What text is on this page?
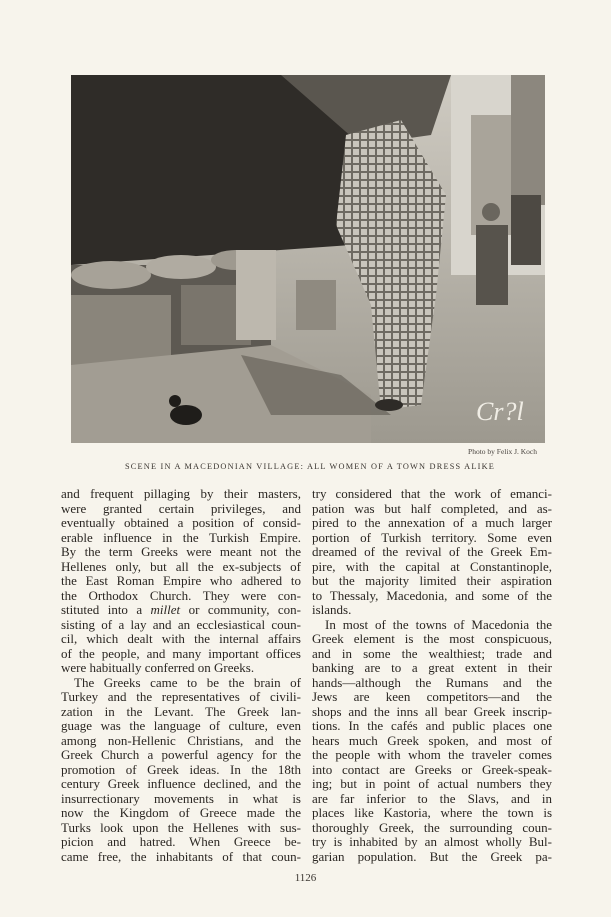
Cr?l
Photo by Felix J. Koch
SCENE IN A MACEDONIAN VILLAGE: ALL WOMEN OF A TOWN DRESS ALIKE
and frequent pillaging by their masters,
were granted certain privileges, and
eventually obtained a position of consid-
erable influence in the Turkish Empire.
By the term Greeks were meant not the
Hellenes only, but all the ex-subjects of
the East Roman Empire who adhered to
the Orthodox Church. They were con-
stituted into a millet or community, con-
sisting of a lay and an ecclesiastical coun-
cil, which dealt with the internal affairs
of the people, and many important offices
were habitually conferred on Greeks.
The Greeks came to be the brain of
Turkey and the representatives of civili-
zation in the Levant. The Greek lan-
guage was the language of culture, even
among non-Hellenic Christians, and the
Greek Church a powerful agency for the
promotion of Greek ideas. In the 18th
century Greek influence declined, and the
insurrectionary movements in what is
now the Kingdom of Greece made the
Turks look upon the Hellenes with sus-
picion and hatred. When Greece be-
came free, the inhabitants of that coun-
try considered that the work of emanci-
pation was but half completed, and as-
pired to the annexation of a much larger
portion of Turkish territory. Some even
dreamed of the revival of the Greek Em-
pire, with the capital at Constantinople,
but the majority limited their aspiration
to Thessaly, Macedonia, and some of the
islands.
In most of the towns of Macedonia the
Greek element is the most conspicuous,
and in some the wealthiest; trade and
banking are to a great extent in their
hands—although the Rumans and the
Jews are keen competitors—and the
shops and the inns all bear Greek inscrip-
tions. In the cafés and public places one
hears much Greek spoken, and most of
the people with whom the traveler comes
into contact are Greeks or Greek-speak-
ing; but in point of actual numbers they
are far inferior to the Slavs, and in
places like Kastoria, where the town is
thoroughly Greek, the surrounding coun-
try is inhabited by an almost wholly Bul-
garian population. But the Greek pa-
1126
